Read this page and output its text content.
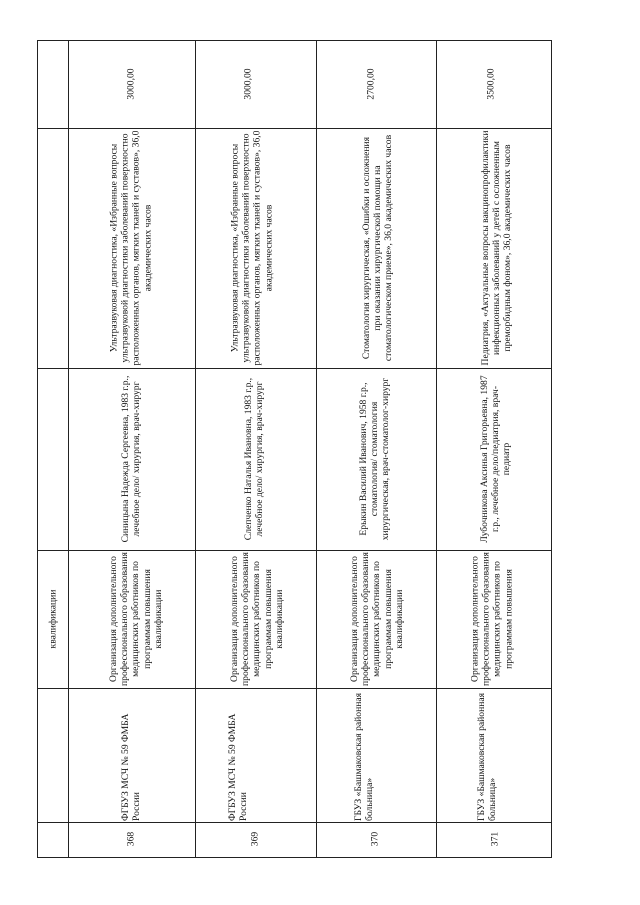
квалификации
368
ФГБУЗ МСЧ № 59 ФМБА России
Организация дополнительного профессионального образования медицинских работников по программам повышения квалификации
Синицына Надежда Сергеевна, 1983 г.р., лечебное дело/ хирургия, врач-хирург
Ультразвуковая диагностика, «Избранные вопросы ультразвуковой диагностики заболеваний поверхностно расположенных органов, мягких тканей и суставов», 36,0 академических часов
3000,00
369
ФГБУЗ МСЧ № 59 ФМБА России
Организация дополнительного профессионального образования медицинских работников по программам повышения квалификации
Слепченко Наталья Ивановна, 1983 г.р., лечебное дело/ хирургия, врач-хирург
Ультразвуковая диагностика, «Избранные вопросы ультразвуковой диагностики заболеваний поверхностно расположенных органов, мягких тканей и суставов», 36,0 академических часов
3000,00
370
ГБУЗ «Башмаковская районная больница»
Организация дополнительного профессионального образования медицинских работников по программам повышения квалификации
Ерыкин Василий Иванович, 1958 г.р., стоматология/ стоматология хирургическая, врач-стоматолог-хирург
Стоматология хирургическая, «Ошибки и осложнения при оказании хирургической помощи на стоматологическом приеме», 36,0 академических часов
2700,00
371
ГБУЗ «Башмаковская районная больница»
Организация дополнительного профессионального образования медицинских работников по программам повышения
Лубочникова Аксинья Григорьевна, 1987 г.р., лечебное дело/педиатрия, врач-педиатр
Педиатрия, «Актуальные вопросы вакцинопрофилактики инфекционных заболеваний у детей с осложненным преморбидным фоном», 36,0 академических часов
3500,00
